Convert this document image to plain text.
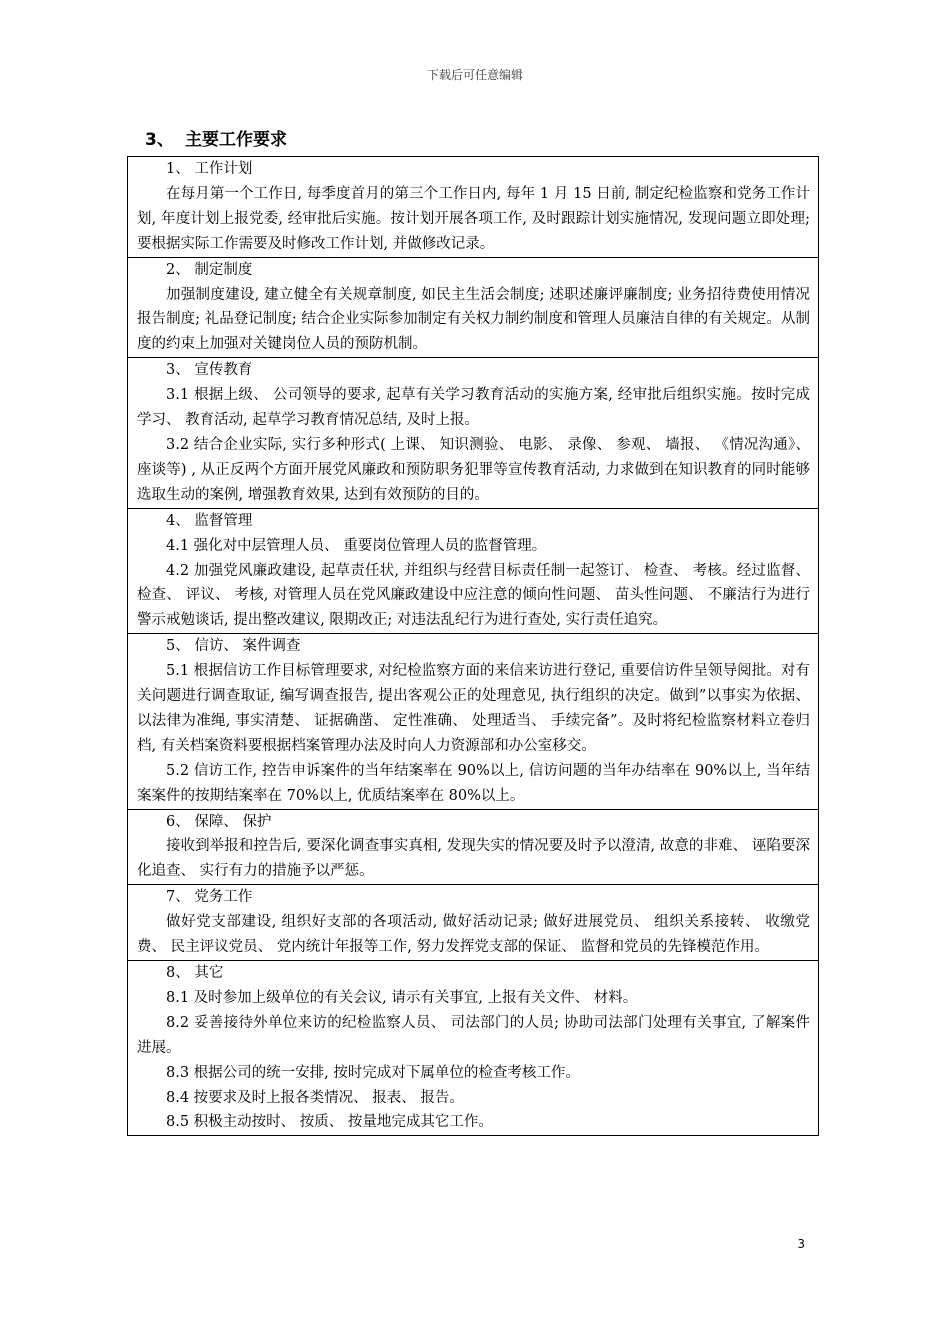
下载后可任意编辑
3、 主要工作要求
1、 工作计划

在每月第一个工作日, 每季度首月的第三个工作日内, 每年 1 月 15 日前, 制定纪检监察和党务工作计划, 年度计划上报党委, 经审批后实施。按计划开展各项工作, 及时跟踪计划实施情况, 发现问题立即处理; 要根据实际工作需要及时修改工作计划, 并做修改记录。

2、 制定制度

加强制度建设, 建立健全有关规章制度, 如民主生活会制度; 述职述廉评廉制度; 业务招待费使用情况报告制度; 礼品登记制度; 结合企业实际参加制定有关权力制约制度和管理人员廉洁自律的有关规定。从制度的约束上加强对关键岗位人员的预防机制。

3、 宣传教育

3.1 根据上级、 公司领导的要求, 起草有关学习教育活动的实施方案, 经审批后组织实施。按时完成学习、 教育活动, 起草学习教育情况总结, 及时上报。

3.2 结合企业实际, 实行多种形式( 上课、 知识测验、 电影、 录像、 参观、 墙报、 《情况沟通》、 座谈等) , 从正反两个方面开展党风廉政和预防职务犯罪等宣传教育活动, 力求做到在知识教育的同时能够选取生动的案例, 增强教育效果, 达到有效预防的目的。

4、 监督管理

4.1 强化对中层管理人员、 重要岗位管理人员的监督管理。

4.2 加强党风廉政建设, 起草责任状, 并组织与经营目标责任制一起签订、 检查、 考核。经过监督、 检查、 评议、 考核, 对管理人员在党风廉政建设中应注意的倾向性问题、 苗头性问题、 不廉洁行为进行警示戒勉谈话, 提出整改建议, 限期改正; 对违法乱纪行为进行查处, 实行责任追究。

5、 信访、 案件调查

5.1 根据信访工作目标管理要求, 对纪检监察方面的来信来访进行登记, 重要信访件呈领导阅批。对有关问题进行调查取证, 编写调查报告, 提出客观公正的处理意见, 执行组织的决定。做到”以事实为依据、 以法律为准绳, 事实清楚、 证据确凿、 定性准确、 处理适当、 手续完备”。及时将纪检监察材料立卷归档, 有关档案资料要根据档案管理办法及时向人力资源部和办公室移交。

5.2 信访工作, 控告申诉案件的当年结案率在 90%以上, 信访问题的当年办结率在 90%以上, 当年结案案件的按期结案率在 70%以上, 优质结案率在 80%以上。

6、 保障、 保护

接收到举报和控告后, 要深化调查事实真相, 发现失实的情况要及时予以澄清, 故意的非难、 诬陷要深化追查、 实行有力的措施予以严惩。

7、 党务工作

做好党支部建设, 组织好支部的各项活动, 做好活动记录; 做好进展党员、 组织关系接转、 收缴党费、 民主评议党员、 党内统计年报等工作, 努力发挥党支部的保证、 监督和党员的先锋模范作用。

8、 其它

8.1 及时参加上级单位的有关会议, 请示有关事宜, 上报有关文件、 材料。

8.2 妥善接待外单位来访的纪检监察人员、 司法部门的人员; 协助司法部门处理有关事宜, 了解案件进展。

8.3 根据公司的统一安排, 按时完成对下属单位的检查考核工作。

8.4 按要求及时上报各类情况、 报表、 报告。

8.5 积极主动按时、 按质、 按量地完成其它工作。

3
